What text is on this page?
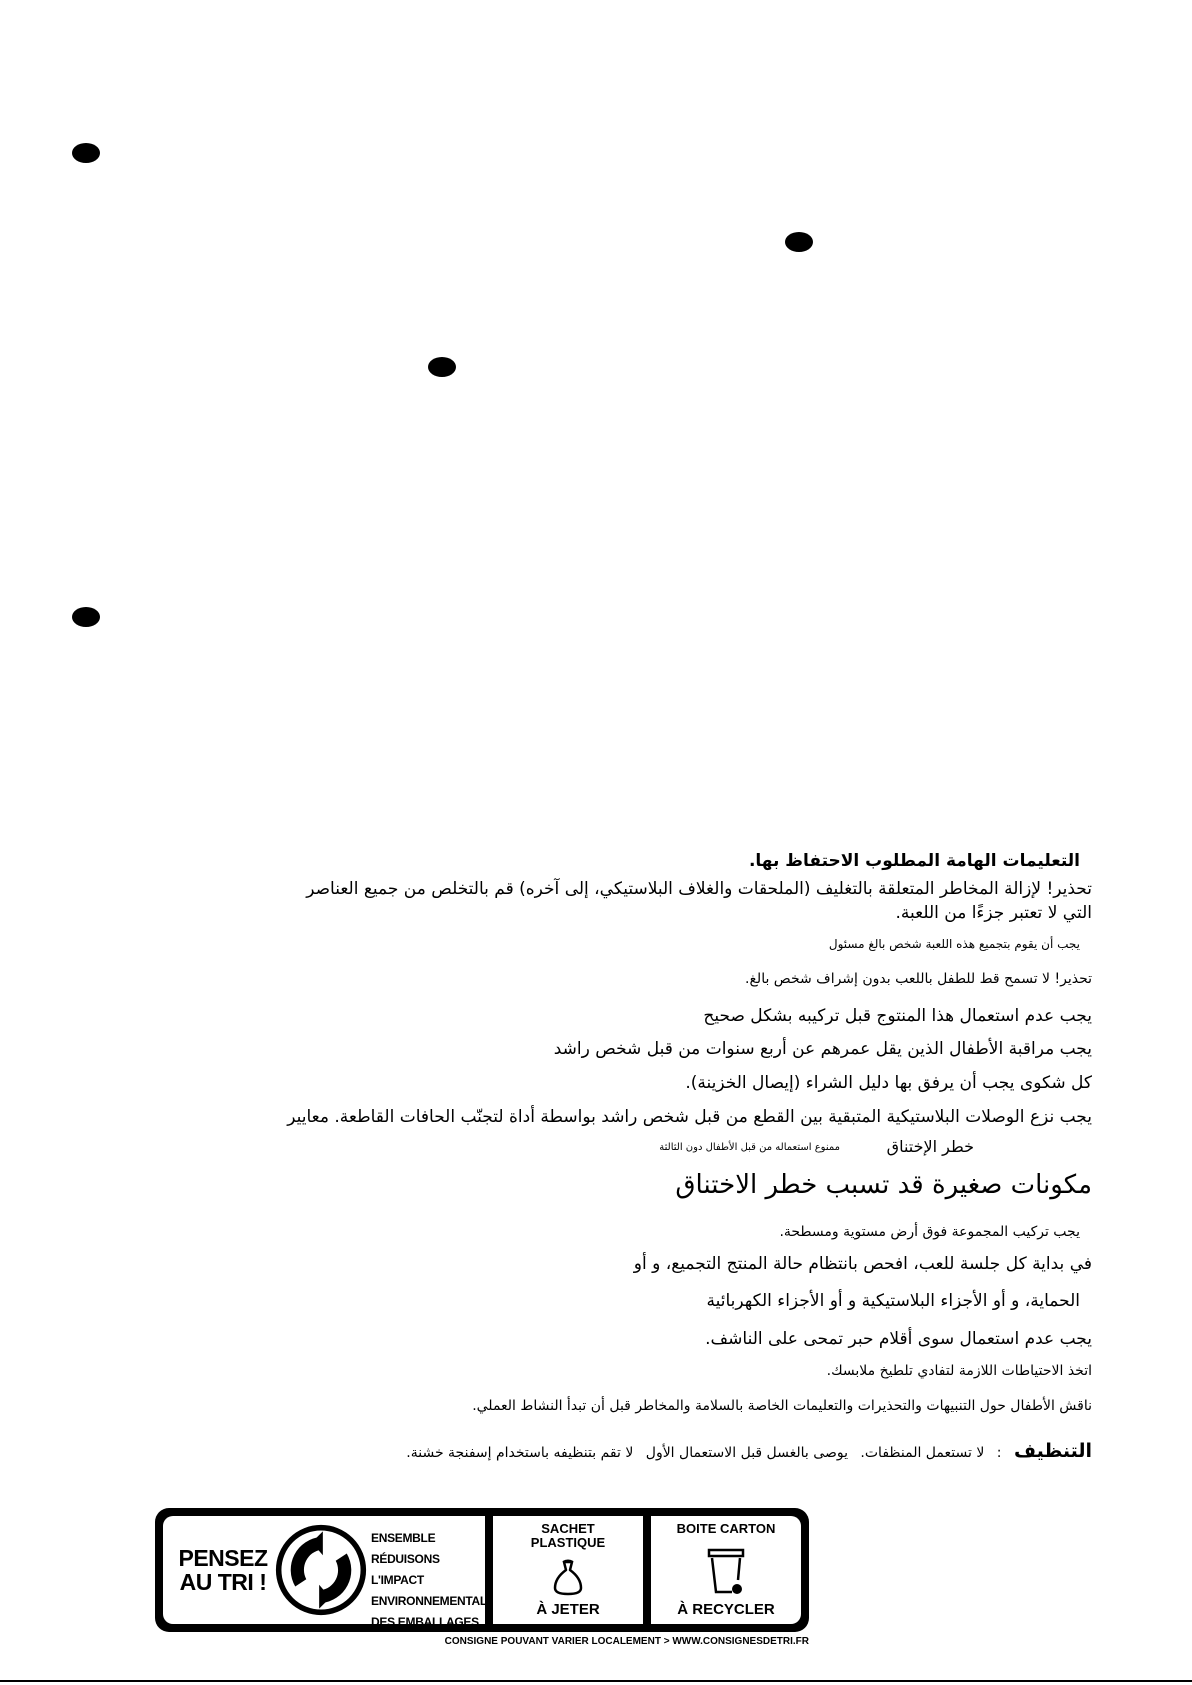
التعليمات الهامة المطلوب الاحتفاظ بها.
تحذير! لإزالة المخاطر المتعلقة بالتغليف (الملحقات والغلاف البلاستيكي، إلى آخره) قم بالتخلص من جميع العناصر
التي لا تعتبر جزءًا من اللعبة.
يجب أن يقوم بتجميع هذه اللعبة شخص بالغ مسئول
تحذير! لا تسمح قط للطفل باللعب بدون إشراف شخص بالغ.
يجب عدم استعمال هذا المنتوج قبل تركيبه بشكل صحيح
يجب مراقبة الأطفال الذين يقل عمرهم عن أربع سنوات من قبل شخص راشد
كل شكوى يجب أن يرفق بها دليل الشراء (إيصال الخزينة).
يجب نزع الوصلات البلاستيكية المتبقية بين القطع من قبل شخص راشد بواسطة أداة لتجنّب الحافات القاطعة. معايير
خطر الإختناق
ممنوع استعماله من قبل الأطفال دون الثالثة
مكونات صغيرة قد تسبب خطر الاختناق
يجب تركيب المجموعة فوق أرض مستوية ومسطحة.
في بداية كل جلسة للعب، افحص بانتظام حالة المنتج التجميع، و أو
الحماية، و أو الأجزاء البلاستيكية و أو الأجزاء الكهربائية
يجب عدم استعمال سوى أقلام حبر تمحى على الناشف.
اتخذ الاحتياطات اللازمة لتفادي تلطيخ ملابسك.
ناقش الأطفال حول التنبيهات والتحذيرات والتعليمات الخاصة بالسلامة والمخاطر قبل أن تبدأ النشاط العملي.
التنظيف : لا تستعمل المنظفات. يوصى بالغسل قبل الاستعمال الأول لا تقم بتنظيفه باستخدام إسفنجة خشنة.
PENSEZ
AU TRI !
ENSEMBLE
RÉDUISONS L'IMPACT
ENVIRONNEMENTAL
DES EMBALLAGES
SACHET
PLASTIQUE
À JETER
BOITE CARTON
À RECYCLER
CONSIGNE POUVANT VARIER LOCALEMENT > WWW.CONSIGNESDETRI.FR
